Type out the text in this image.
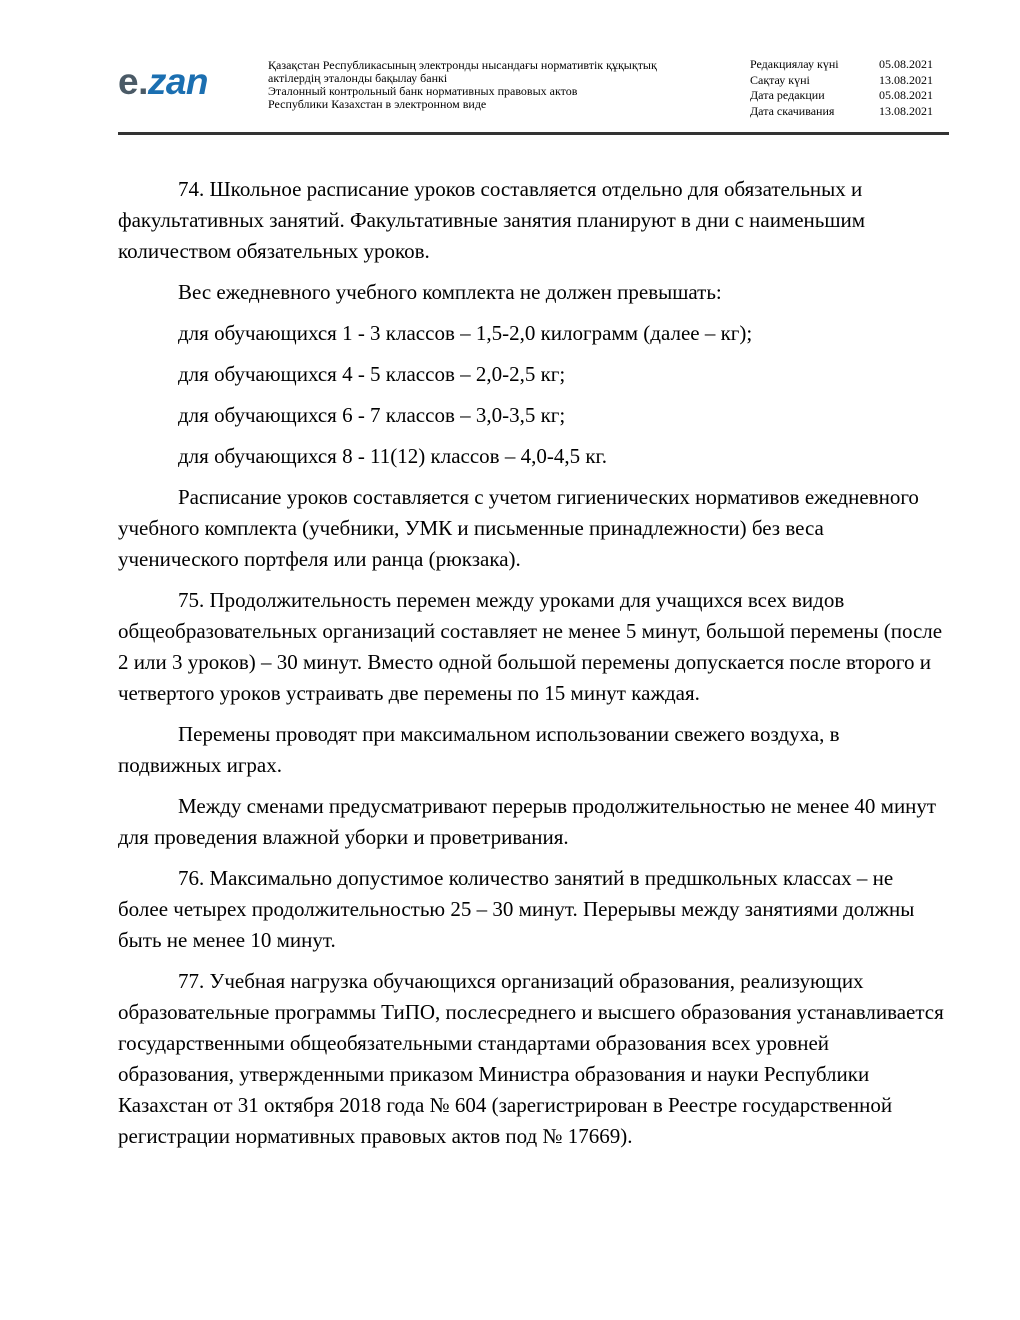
e.zan	Қазақстан Республикасының электронды нысандағы нормативтік құқықтық
актілердің эталонды бақылау банкі
Эталонный контрольный банк нормативных правовых актов
Республики Казахстан в электронном виде
Редакциялау күні	05.08.2021
Сақтау күні	13.08.2021
Дата редакции	05.08.2021
Дата скачивания	13.08.2021

74. Школьное расписание уроков составляется отдельно для обязательных и факультативных занятий. Факультативные занятия планируют в дни с наименьшим количеством обязательных уроков.

Вес ежедневного учебного комплекта не должен превышать:

для обучающихся 1 - 3 классов – 1,5-2,0 килограмм (далее – кг);

для обучающихся 4 - 5 классов – 2,0-2,5 кг;

для обучающихся 6 - 7 классов – 3,0-3,5 кг;

для обучающихся 8 - 11(12) классов – 4,0-4,5 кг.

Расписание уроков составляется с учетом гигиенических нормативов ежедневного учебного комплекта (учебники, УМК и письменные принадлежности) без веса ученического портфеля или ранца (рюкзака).

75. Продолжительность перемен между уроками для учащихся всех видов общеобразовательных организаций составляет не менее 5 минут, большой перемены (после 2 или 3 уроков) – 30 минут. Вместо одной большой перемены допускается после второго и четвертого уроков устраивать две перемены по 15 минут каждая.

Перемены проводят при максимальном использовании свежего воздуха, в подвижных играх.

Между сменами предусматривают перерыв продолжительностью не менее 40 минут для проведения влажной уборки и проветривания.

76. Максимально допустимое количество занятий в предшкольных классах – не более четырех продолжительностью 25 – 30 минут. Перерывы между занятиями должны быть не менее 10 минут.

77. Учебная нагрузка обучающихся организаций образования, реализующих образовательные программы ТиПО, послесреднего и высшего образования устанавливается государственными общеобязательными стандартами образования всех уровней образования, утвержденными приказом Министра образования и науки Республики Казахстан от 31 октября 2018 года № 604 (зарегистрирован в Реестре государственной регистрации нормативных правовых актов под № 17669).
